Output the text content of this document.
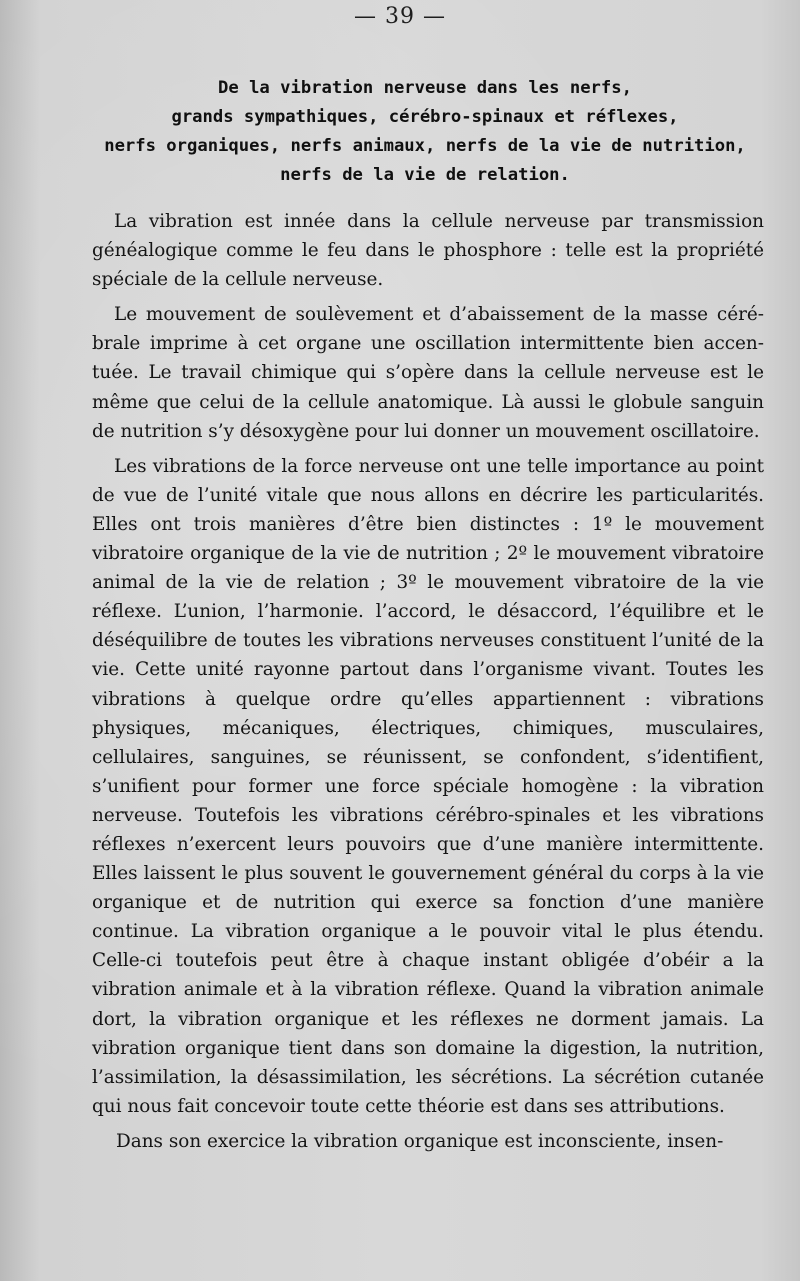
— 39 —
De la vibration nerveuse dans les nerfs,
grands sympathiques, cérébro-spinaux et réflexes,
nerfs organiques, nerfs animaux, nerfs de la vie de nutrition,
nerfs de la vie de relation.

La vibration est innée dans la cellule nerveuse par transmission généalogique comme le feu dans le phosphore : telle est la propriété spéciale de la cellule nerveuse.

Le mouvement de soulèvement et d’abaissement de la masse cérébrale imprime à cet organe une oscillation intermittente bien accentuée. Le travail chimique qui s’opère dans la cellule nerveuse est le même que celui de la cellule anatomique. Là aussi le globule sanguin de nutrition s’y désoxygène pour lui donner un mouvement oscillatoire.

Les vibrations de la force nerveuse ont une telle importance au point de vue de l’unité vitale que nous allons en décrire les particularités. Elles ont trois manières d’être bien distinctes : 1º le mouvement vibratoire organique de la vie de nutrition ; 2º le mouvement vibratoire animal de la vie de relation ; 3º le mouvement vibratoire de la vie réflexe. L’union, l’harmonie. l’accord, le désaccord, l’équilibre et le déséquilibre de toutes les vibrations nerveuses constituent l’unité de la vie. Cette unité rayonne partout dans l’organisme vivant. Toutes les vibrations à quelque ordre qu’elles appartiennent : vibrations physiques, mécaniques, électriques, chimiques, musculaires, cellulaires, sanguines, se réunissent, se confondent, s’identifient, s’unifient pour former une force spéciale homogène : la vibration nerveuse. Toutefois les vibrations cérébro-spinales et les vibrations réflexes n’exercent leurs pouvoirs que d’une manière intermittente. Elles laissent le plus souvent le gouvernement général du corps à la vie organique et de nutrition qui exerce sa fonction d’une manière continue. La vibration organique a le pouvoir vital le plus étendu. Celle-ci toutefois peut être à chaque instant obligée d’obéir a la vibration animale et à la vibration réflexe. Quand la vibration animale dort, la vibration organique et les réflexes ne dorment jamais. La vibration organique tient dans son domaine la digestion, la nutrition, l’assimilation, la désassimilation, les sécrétions. La sécrétion cutanée qui nous fait concevoir toute cette théorie est dans ses attributions.

Dans son exercice la vibration organique est inconsciente, insen-
